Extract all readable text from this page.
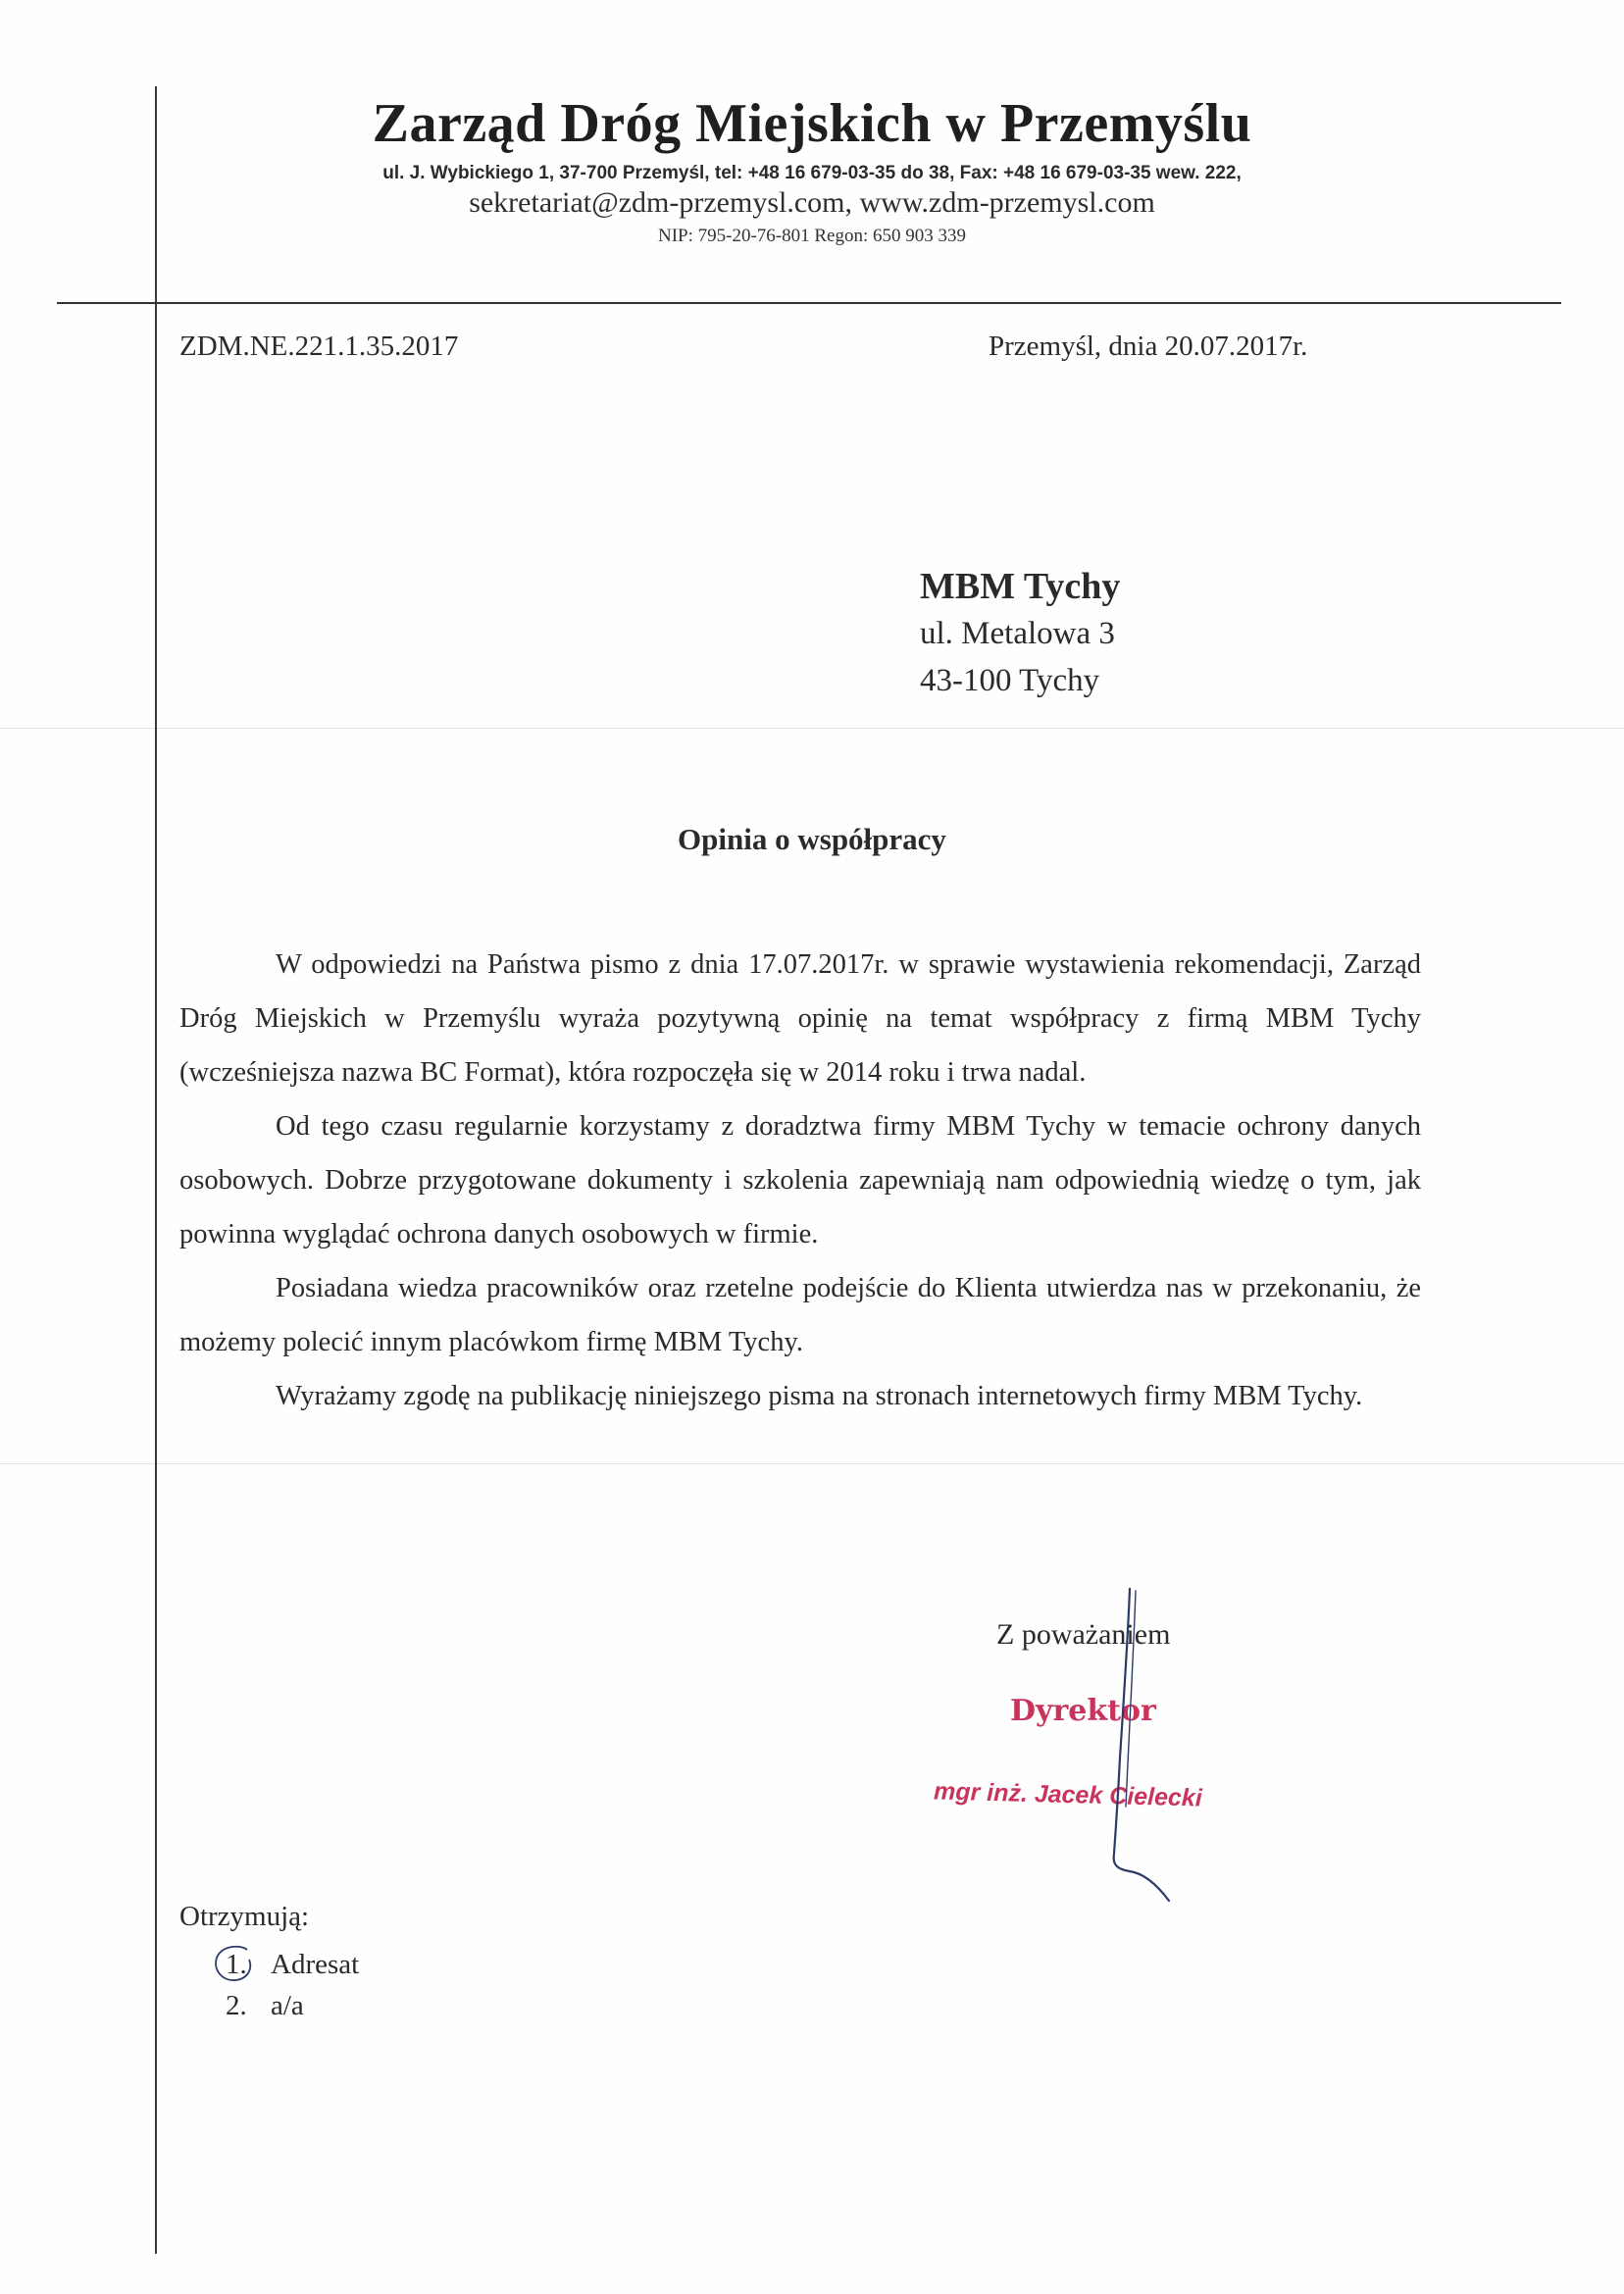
Zarząd Dróg Miejskich w Przemyślu
ul. J. Wybickiego 1, 37-700 Przemyśl, tel: +48 16 679-03-35 do 38, Fax: +48 16 679-03-35 wew. 222,
sekretariat@zdm-przemysl.com, www.zdm-przemysl.com
NIP: 795-20-76-801 Regon: 650 903 339
ZDM.NE.221.1.35.2017	Przemyśl, dnia 20.07.2017r.
MBM Tychy
ul. Metalowa 3
43-100 Tychy
Opinia o współpracy

W odpowiedzi na Państwa pismo z dnia 17.07.2017r. w sprawie wystawienia rekomendacji, Zarząd Dróg Miejskich w Przemyślu wyraża pozytywną opinię na temat współpracy z firmą MBM Tychy (wcześniejsza nazwa BC Format), która rozpoczęła się w 2014 roku i trwa nadal.

Od tego czasu regularnie korzystamy z doradztwa firmy MBM Tychy w temacie ochrony danych osobowych. Dobrze przygotowane dokumenty i szkolenia zapewniają nam odpowiednią wiedzę o tym, jak powinna wyglądać ochrona danych osobowych w firmie.

Posiadana wiedza pracowników oraz rzetelne podejście do Klienta utwierdza nas w przekonaniu, że możemy polecić innym placówkom firmę MBM Tychy.

Wyrażamy zgodę na publikację niniejszego pisma na stronach internetowych firmy MBM Tychy.

Z poważaniem
Dyrektor
mgr inż. Jacek Cielecki
Otrzymują:
1. Adresat
2. a/a
